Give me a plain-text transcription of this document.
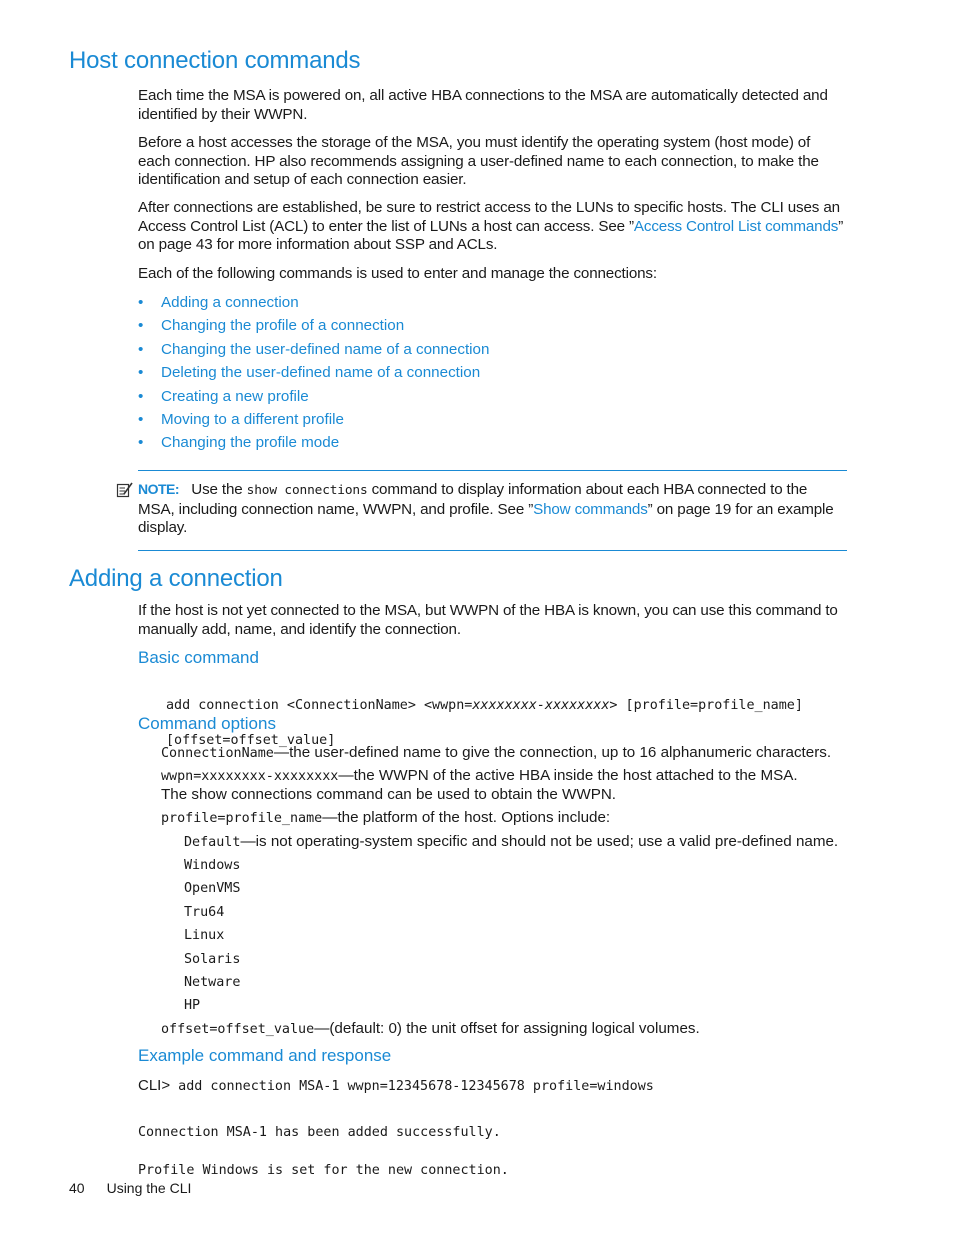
Host connection commands

Each time the MSA is powered on, all active HBA connections to the MSA are automatically detected and identified by their WWPN.

Before a host accesses the storage of the MSA, you must identify the operating system (host mode) of each connection. HP also recommends assigning a user-defined name to each connection, to make the identification and setup of each connection easier.

After connections are established, be sure to restrict access to the LUNs to specific hosts. The CLI uses an Access Control List (ACL) to enter the list of LUNs a host can access. See ”Access Control List commands” on page 43 for more information about SSP and ACLs.

Each of the following commands is used to enter and manage the connections:

• Adding a connection
• Changing the profile of a connection
• Changing the user-defined name of a connection
• Deleting the user-defined name of a connection
• Creating a new profile
• Moving to a different profile
• Changing the profile mode

NOTE: Use the show connections command to display information about each HBA connected to the MSA, including connection name, WWPN, and profile. See ”Show commands” on page 19 for an example display.

Adding a connection

If the host is not yet connected to the MSA, but WWPN of the HBA is known, you can use this command to manually add, name, and identify the connection.

Basic command

add connection <ConnectionName> <wwpn=xxxxxxxx-xxxxxxxx> [profile=profile_name]

[offset=offset_value]

Command options
ConnectionName—the user-defined name to give the connection, up to 16 alphanumeric characters.
wwpn=xxxxxxxx-xxxxxxxx—the WWPN of the active HBA inside the host attached to the MSA.
The show connections command can be used to obtain the WWPN.
profile=profile_name—the platform of the host. Options include:
Default—is not operating-system specific and should not be used; use a valid pre-defined name.
Windows
OpenVMS
Tru64
Linux
Solaris
Netware
HP
offset=offset_value—(default: 0) the unit offset for assigning logical volumes.
Example command and response
CLI> add connection MSA-1 wwpn=12345678-12345678 profile=windows

Connection MSA-1 has been added successfully.

Profile Windows is set for the new connection.

40 Using the CLI
